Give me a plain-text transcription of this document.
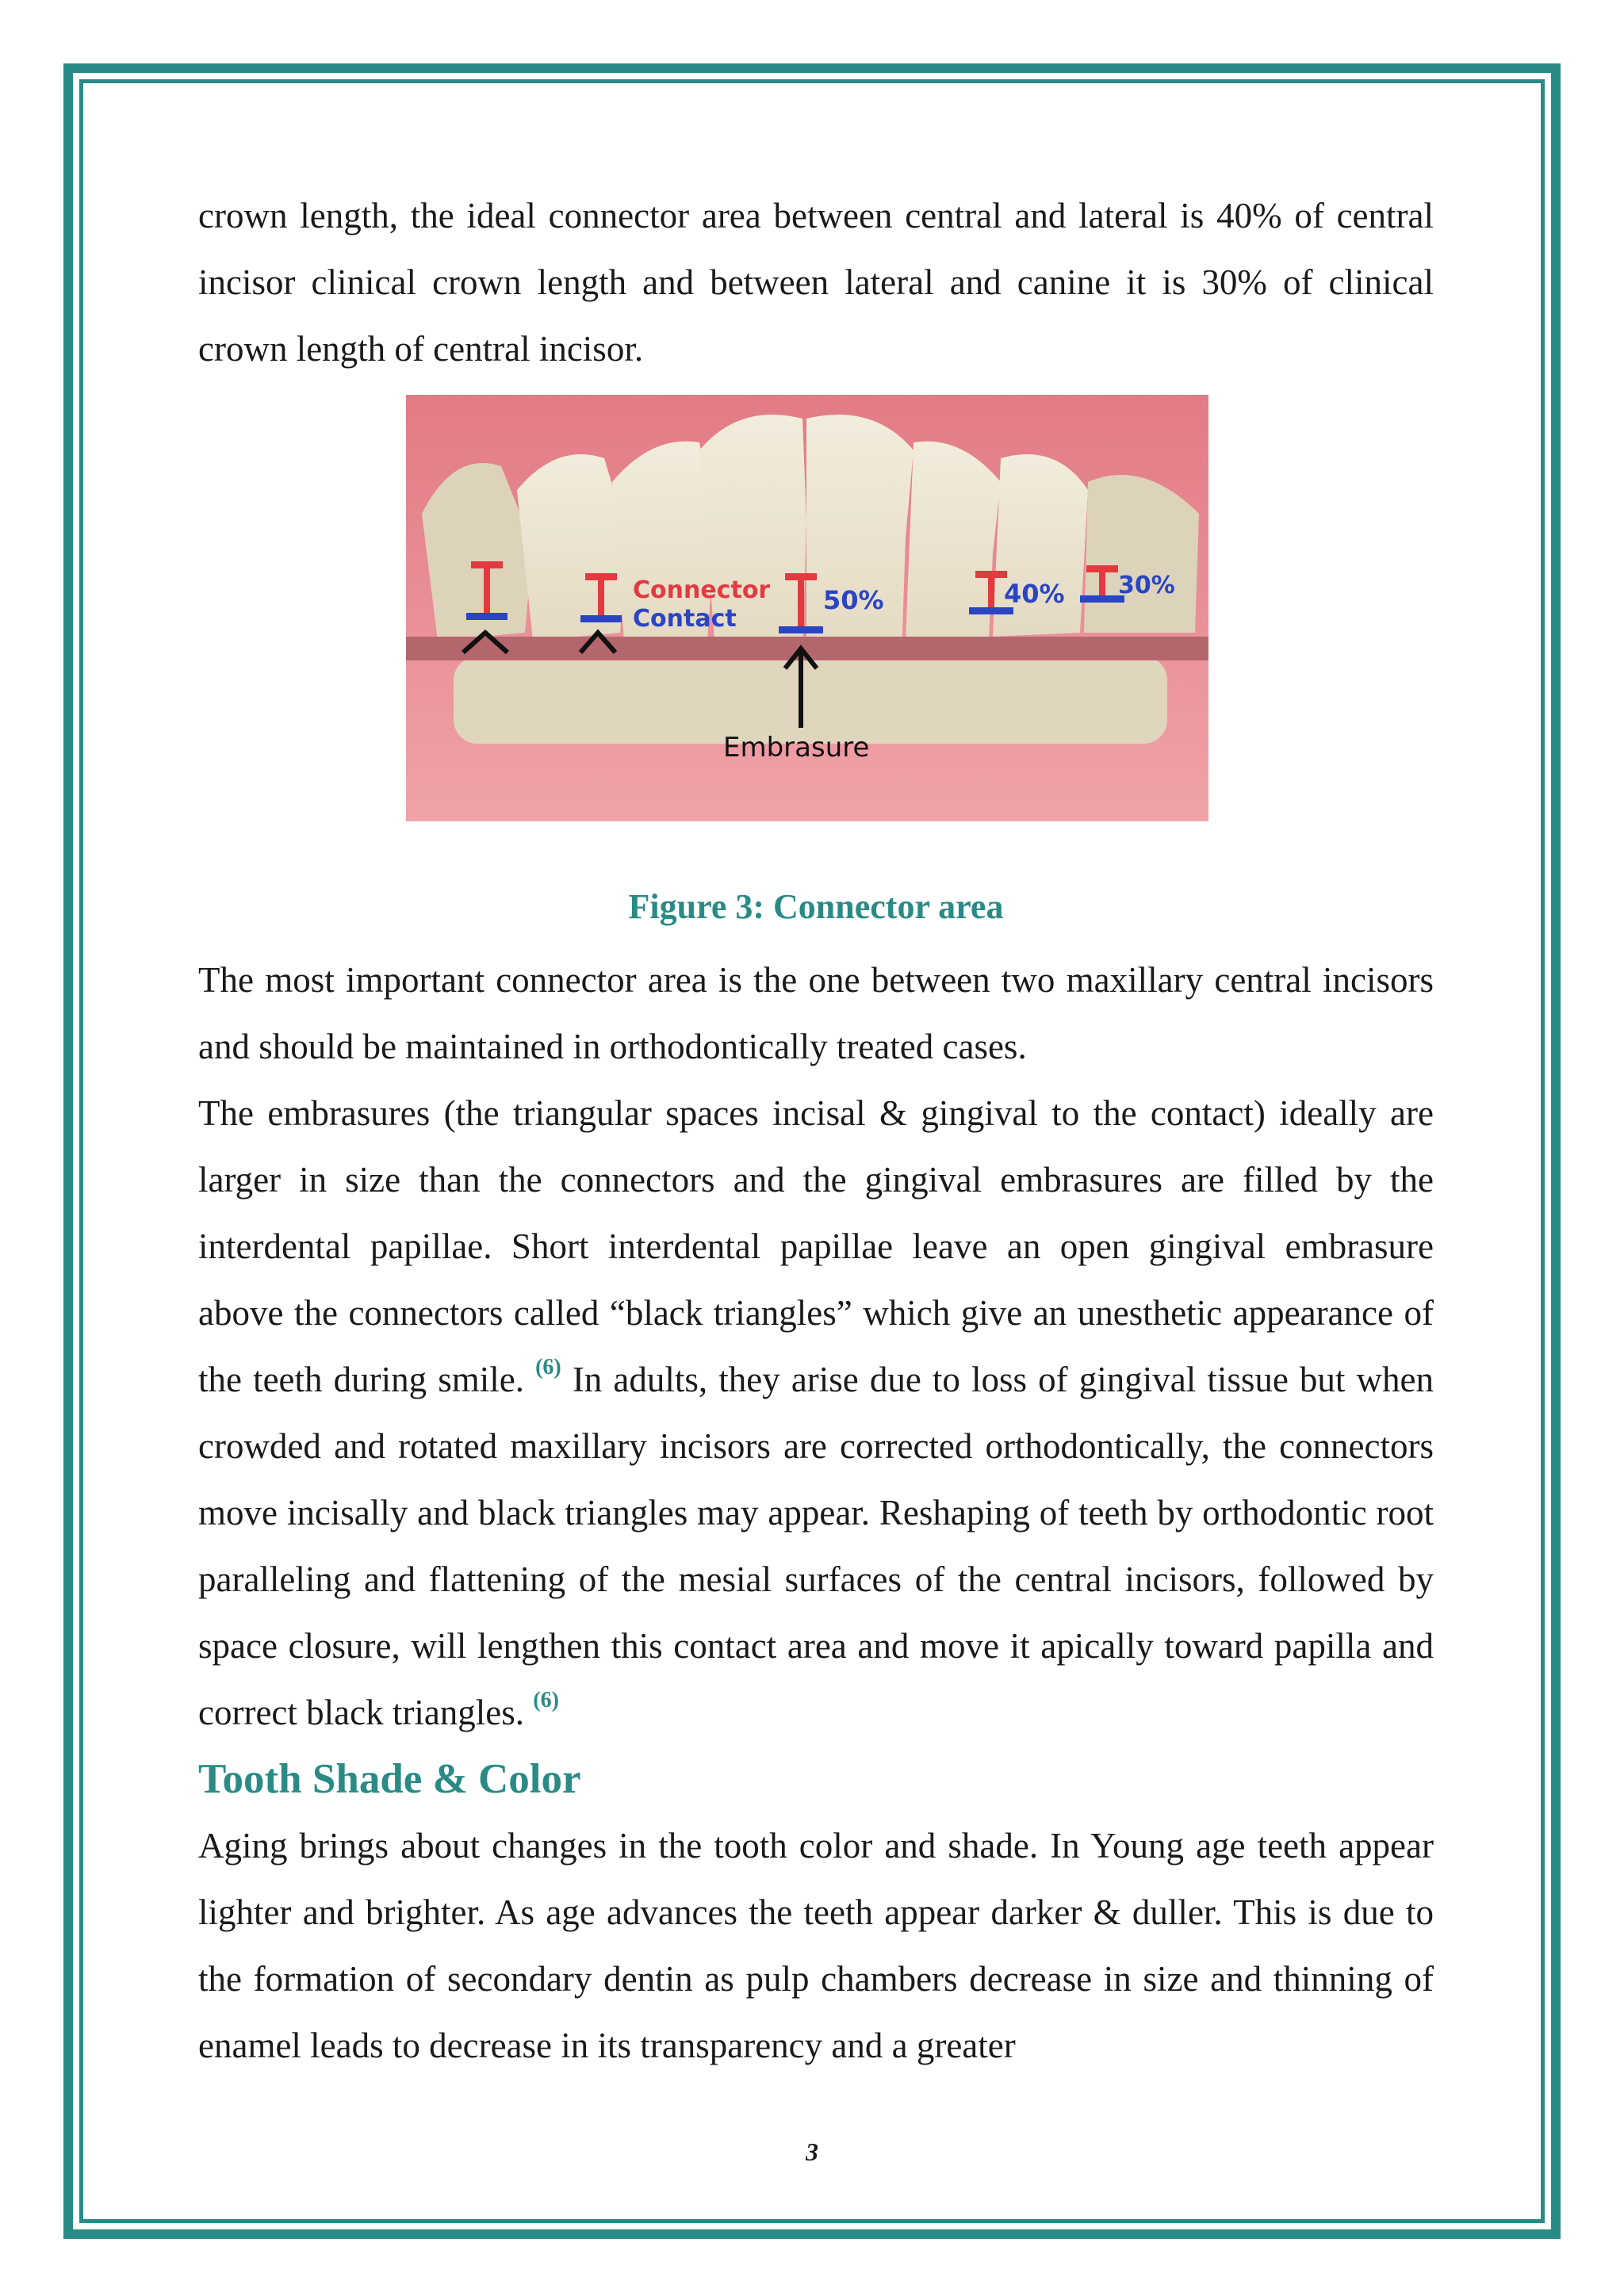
crown length, the ideal connector area between central and lateral is 40% of central incisor clinical crown length and between lateral and canine it is 30% of clinical crown length of central incisor.

Connector
Contact
50%	40% 30%
Embrasure
Figure 3: Connector area

The most important connector area is the one between two maxillary central incisors and should be maintained in orthodontically treated cases.

The embrasures (the triangular spaces incisal & gingival to the contact) ideally are larger in size than the connectors and the gingival embrasures are filled by the interdental papillae. Short interdental papillae leave an open gingival embrasure above the connectors called “black triangles” which give an unesthetic appearance of the teeth during smile. $^{(6)}$ In adults, they arise due to loss of gingival tissue but when crowded and rotated maxillary incisors are corrected orthodontically, the connectors move incisally and black triangles may appear. Reshaping of teeth by orthodontic root paralleling and flattening of the mesial surfaces of the central incisors, followed by space closure, will lengthen this contact area and move it apically toward papilla and correct black triangles. $^{(6)}$

Tooth Shade & Color

Aging brings about changes in the tooth color and shade. In Young age teeth appear lighter and brighter. As age advances the teeth appear darker & duller. This is due to the formation of secondary dentin as pulp chambers decrease in size and thinning of enamel leads to decrease in its transparency and a greater

3
